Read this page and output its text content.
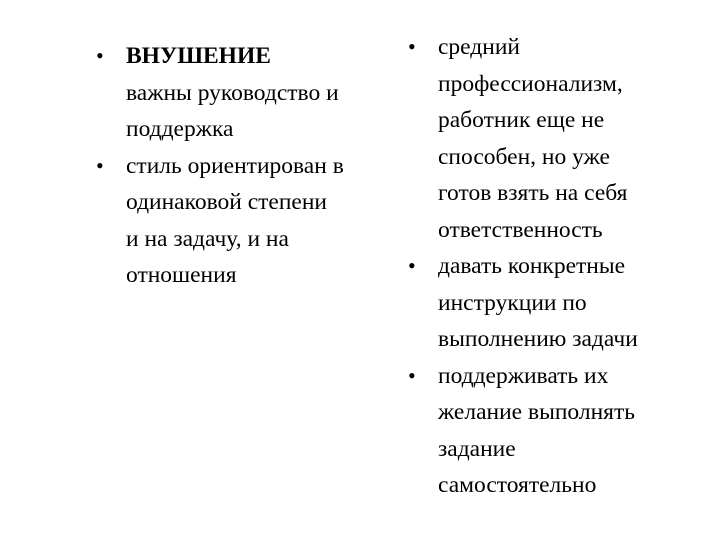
• ВНУШЕНИЕ
важны руководство и
поддержка
• стиль ориентирован в
одинаковой степени
и на задачу, и на
отношения
• средний
профессионализм,
работник еще не
способен, но уже
готов взять на себя
ответственность
• давать конкретные
инструкции по
выполнению задачи
• поддерживать их
желание выполнять
задание
самостоятельно
